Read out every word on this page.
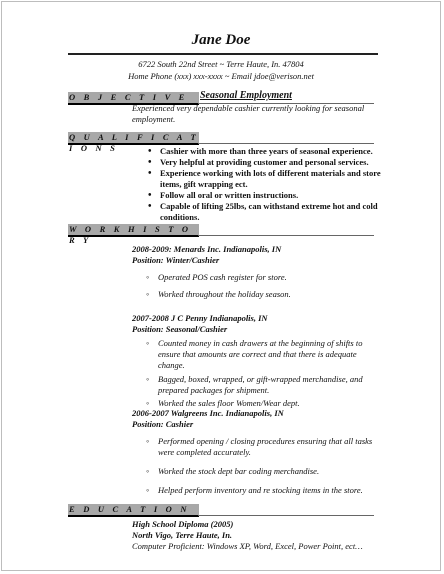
Jane Doe
6722 South 22nd Street ~ Terre Haute, In. 47804
Home Phone (xxx) xxx-xxxx ~ Email jdoe@verison.net
O B J E C T I V E	Seasonal Employment
Experienced very dependable cashier currently looking for seasonal employment.
Q U A L I F I C A T I O N S
•	Cashier with more than three years of seasonal experience.
• Very helpful at providing customer and personal services.
• Experience working with lots of different materials and store items, gift wrapping ect.
• Follow all oral or written instructions.
• Capable of lifting 25lbs, can withstand extreme hot and cold conditions.
W O R K H I S T O R Y
2008-2009: Menards Inc. Indianapolis, IN
Position: Winter/Cashier
◦ Operated POS cash register for store.
◦ Worked throughout the holiday season.
2007-2008 J C Penny Indianapolis, IN
Position: Seasonal/Cashier
◦ Counted money in cash drawers at the beginning of shifts to ensure that amounts are correct and that there is adequate change.
◦ Bagged, boxed, wrapped, or gift-wrapped merchandise, and prepared packages for shipment.
◦ Worked the sales floor Women/Wear dept.
2006-2007 Walgreens Inc. Indianapolis, IN
Position: Cashier
◦ Performed opening / closing procedures ensuring that all tasks were completed accurately.
◦ Worked the stock dept bar coding merchandise.
◦ Helped perform inventory and re stocking items in the store.
E D U C A T I O N
High School Diploma (2005)
North Vigo, Terre Haute, In.
Computer Proficient: Windows XP, Word, Excel, Power Point, ect…
